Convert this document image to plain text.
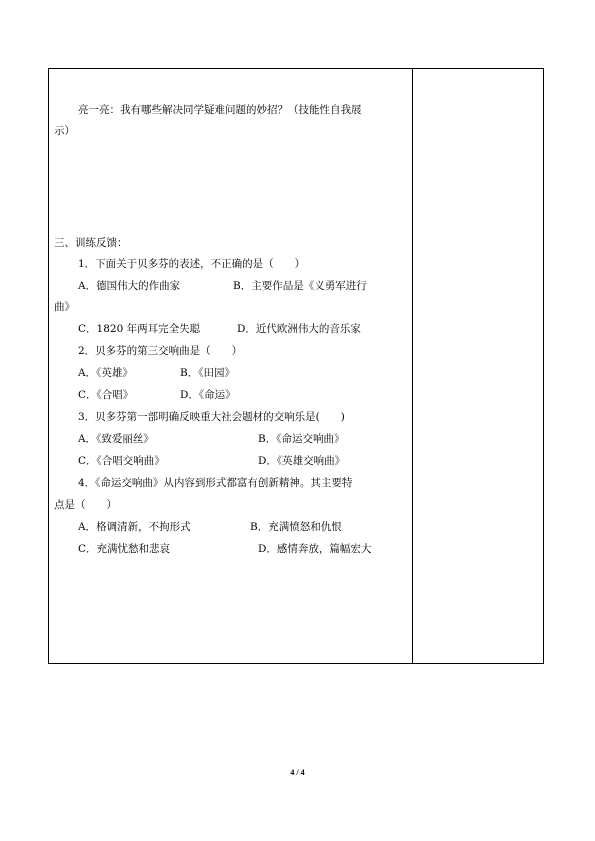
亮一亮：我有哪些解决同学疑难问题的妙招？（技能性自我展
示）
三、训练反馈：
1．下面关于贝多芬的表述，不正确的是（　　）
A．德国伟大的作曲家	B．主要作品是《义勇军进行
曲》
C．1820 年两耳完全失聪	D．近代欧洲伟大的音乐家
2．贝多芬的第三交响曲是（　　）
A．《英雄》	B．《田园》
C．《合唱》	D．《命运》
3．贝多芬第一部明确反映重大社会题材的交响乐是(　　)
A．《致爱丽丝》	B．《命运交响曲》
C．《合唱交响曲》	D．《英雄交响曲》
4．《命运交响曲》从内容到形式都富有创新精神。其主要特
点是（　　）
A．格调清新，不拘形式	B．充满愤怒和仇恨
C．充满忧愁和悲哀	D．感情奔放，篇幅宏大
4 / 4
